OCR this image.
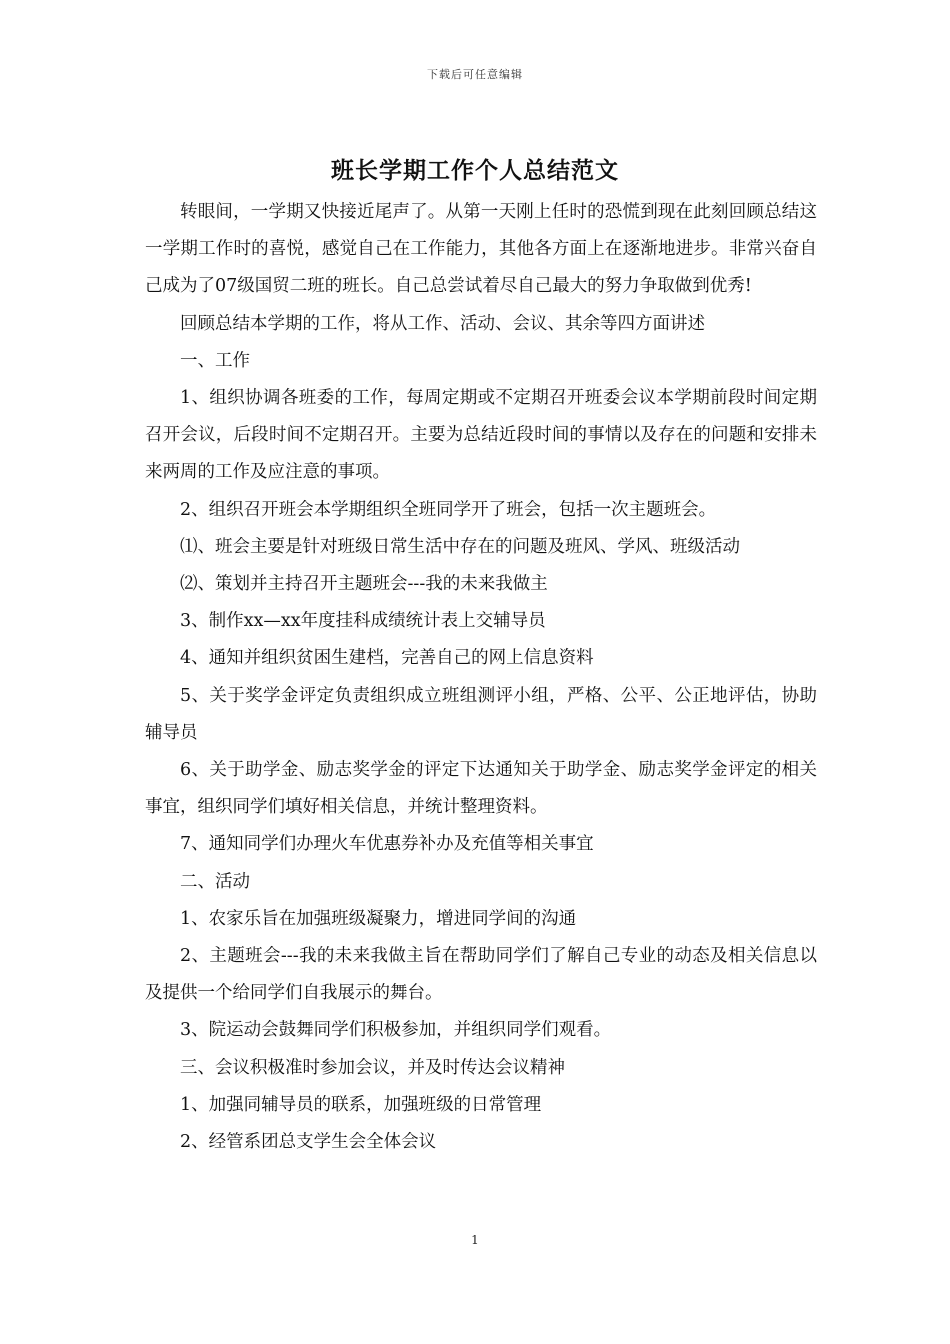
下载后可任意编辑
班长学期工作个人总结范文

转眼间，一学期又快接近尾声了。从第一天刚上任时的恐慌到现在此刻回顾总结这一学期工作时的喜悦，感觉自己在工作能力，其他各方面上在逐渐地进步。非常兴奋自己成为了07级国贸二班的班长。自己总尝试着尽自己最大的努力争取做到优秀!

回顾总结本学期的工作，将从工作、活动、会议、其余等四方面讲述

一、工作

1、组织协调各班委的工作，每周定期或不定期召开班委会议本学期前段时间定期召开会议，后段时间不定期召开。主要为总结近段时间的事情以及存在的问题和安排未来两周的工作及应注意的事项。

2、组织召开班会本学期组织全班同学开了班会，包括一次主题班会。

⑴、班会主要是针对班级日常生活中存在的问题及班风、学风、班级活动

⑵、策划并主持召开主题班会---我的未来我做主

3、制作xx—xx年度挂科成绩统计表上交辅导员

4、通知并组织贫困生建档，完善自己的网上信息资料

5、关于奖学金评定负责组织成立班组测评小组，严格、公平、公正地评估，协助辅导员

6、关于助学金、励志奖学金的评定下达通知关于助学金、励志奖学金评定的相关事宜，组织同学们填好相关信息，并统计整理资料。

7、通知同学们办理火车优惠券补办及充值等相关事宜

二、活动

1、农家乐旨在加强班级凝聚力，增进同学间的沟通

2、主题班会---我的未来我做主旨在帮助同学们了解自己专业的动态及相关信息以及提供一个给同学们自我展示的舞台。

3、院运动会鼓舞同学们积极参加，并组织同学们观看。

三、会议积极准时参加会议，并及时传达会议精神

1、加强同辅导员的联系，加强班级的日常管理

2、经管系团总支学生会全体会议

1
